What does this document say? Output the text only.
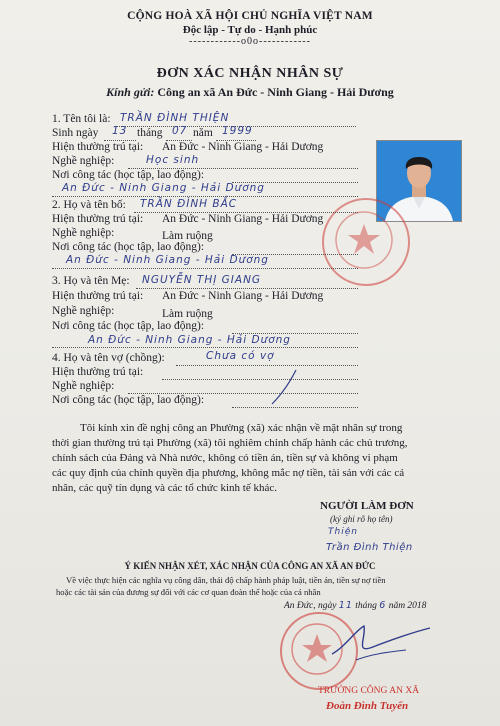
CỘNG HOÀ XÃ HỘI CHỦ NGHĨA VIỆT NAM
Độc lập - Tự do - Hạnh phúc
------------o0o------------
ĐƠN XÁC NHẬN NHÂN SỰ
Kính gửi: Công an xã An Đức - Ninh Giang - Hải Dương
1. Tên tôi là: TRẦN ĐÌNH THIỆN
Sinh ngày 13 tháng 07 năm 1999
Hiện thường trú tại: An Đức - Ninh Giang - Hải Dương
Nghề nghiệp:	Học sinh
Nơi công tác (học tập, lao động):
An Đức - Ninh Giang - Hải Dương
2. Họ và tên bố: TRẦN ĐÌNH BẮC
Hiện thường trú tại: An Đức - Ninh Giang - Hải Dương
Nghề nghiệp:	Làm ruộng
Nơi công tác (học tập, lao động):
An Đức - Ninh Giang - Hải Dương
3. Họ và tên Mẹ: NGUYỄN THỊ GIANG
Hiện thường trú tại: An Đức - Ninh Giang - Hải Dương
Nghề nghiệp:	Làm ruộng
Nơi công tác (học tập, lao động):
An Đức - Ninh Giang - Hải Dương
4. Họ và tên vợ (chồng):	Chưa có vợ
Hiện thường trú tại:
Nghề nghiệp:
Nơi công tác (học tập, lao động):
Tôi kính xin đề nghị công an Phường (xã) xác nhận về mặt nhân sự trong
thời gian thường trú tại Phường (xã) tôi nghiêm chỉnh chấp hành các chủ trương,
chính sách của Đảng và Nhà nước, không có tiền án, tiền sự và không vi phạm
các quy định của chính quyền địa phương, không mắc nợ tiền, tài sản với các cá
nhân, các quỹ tín dụng và các tổ chức kinh tế khác.
NGƯỜI LÀM ĐƠN
(ký ghi rõ họ tên)
Thiện
Trần Đình Thiện
Ý KIẾN NHẬN XÉT, XÁC NHẬN CỦA CÔNG AN XÃ AN ĐỨC
Về việc thực hiện các nghĩa vụ công dân, thái độ chấp hành pháp luật, tiền án, tiền sự nợ tiền
hoặc các tài sản của đương sự đối với các cơ quan đoàn thể hoặc của cá nhân
An Đức, ngày 11 tháng 6 năm 2018
TRƯỞNG CÔNG AN XÃ
Đoàn Đình Tuyến
